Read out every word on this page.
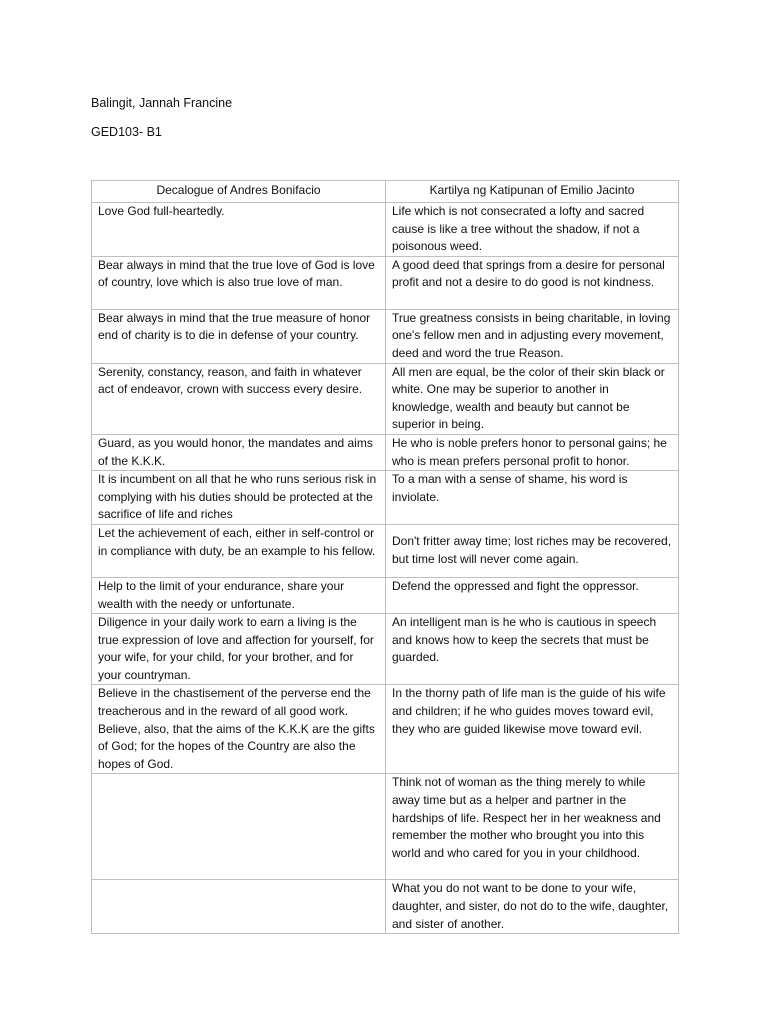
Balingit, Jannah Francine
GED103- B1
Decalogue of Andres Bonifacio	Kartilya ng Katipunan of Emilio Jacinto
Love God full-heartedly.	Life which is not consecrated a lofty and sacred cause is like a tree without the shadow, if not a poisonous weed.
Bear always in mind that the true love of God is love of country, love which is also true love of man.	A good deed that springs from a desire for personal profit and not a desire to do good is not kindness.
Bear always in mind that the true measure of honor end of charity is to die in defense of your country.	True greatness consists in being charitable, in loving one's fellow men and in adjusting every movement, deed and word the true Reason.
Serenity, constancy, reason, and faith in whatever act of endeavor, crown with success every desire.	All men are equal, be the color of their skin black or white. One may be superior to another in knowledge, wealth and beauty but cannot be superior in being.
Guard, as you would honor, the mandates and aims of the K.K.K.	He who is noble prefers honor to personal gains; he who is mean prefers personal profit to honor.
It is incumbent on all that he who runs serious risk in complying with his duties should be protected at the sacrifice of life and riches	To a man with a sense of shame, his word is inviolate.
Let the achievement of each, either in self-control or in compliance with duty, be an example to his fellow.	Don't fritter away time; lost riches may be recovered, but time lost will never come again.
Help to the limit of your endurance, share your wealth with the needy or unfortunate.	Defend the oppressed and fight the oppressor.
Diligence in your daily work to earn a living is the true expression of love and affection for yourself, for your wife, for your child, for your brother, and for your countryman.	An intelligent man is he who is cautious in speech and knows how to keep the secrets that must be guarded.
Believe in the chastisement of the perverse end the treacherous and in the reward of all good work. Believe, also, that the aims of the K.K.K are the gifts of God; for the hopes of the Country are also the hopes of God.	In the thorny path of life man is the guide of his wife and children; if he who guides moves toward evil, they who are guided likewise move toward evil.
	Think not of woman as the thing merely to while away time but as a helper and partner in the hardships of life. Respect her in her weakness and remember the mother who brought you into this world and who cared for you in your childhood.
	What you do not want to be done to your wife, daughter, and sister, do not do to the wife, daughter, and sister of another.
